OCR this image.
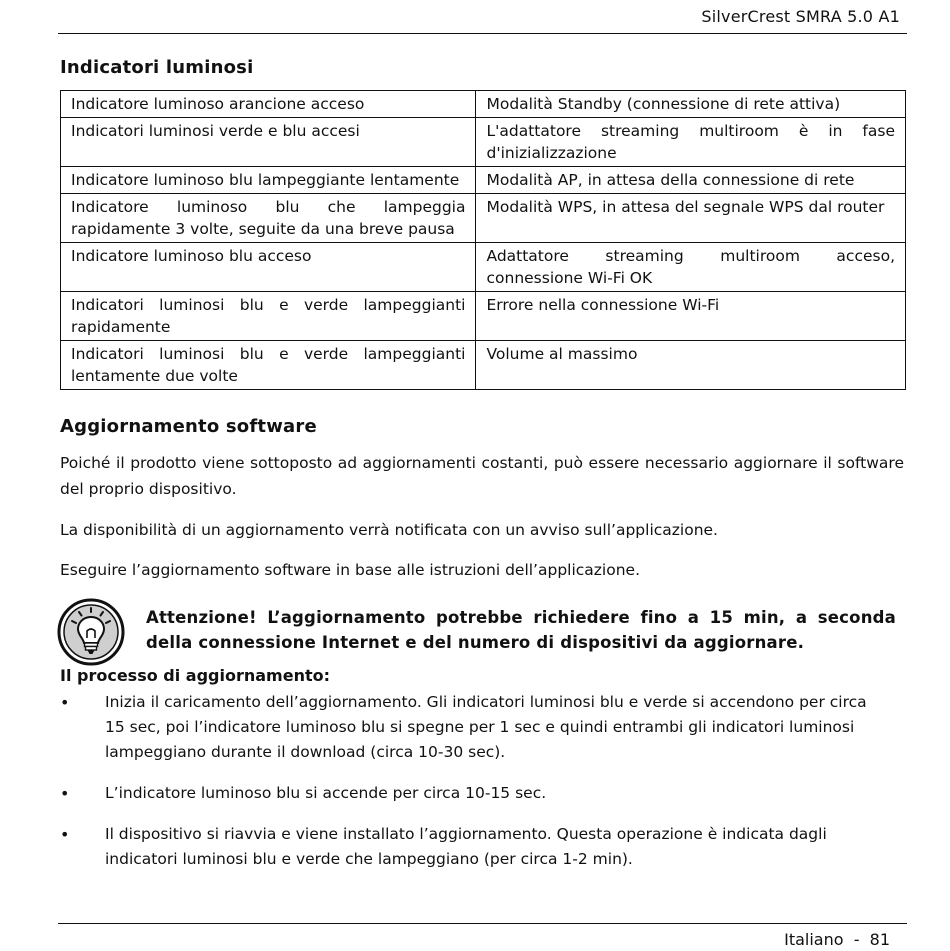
SilverCrest SMRA 5.0 A1
Indicatori luminosi
Indicatore luminoso arancione acceso	Modalità Standby (connessione di rete attiva)
Indicatori luminosi verde e blu accesi	L'adattatore streaming multiroom è in fase d'inizializzazione
Indicatore luminoso blu lampeggiante lentamente	Modalità AP, in attesa della connessione di rete
Indicatore luminoso blu che lampeggia rapidamente 3 volte, seguite da una breve pausa	Modalità WPS, in attesa del segnale WPS dal router
Indicatore luminoso blu acceso	Adattatore streaming multiroom acceso, connessione Wi-Fi OK
Indicatori luminosi blu e verde lampeggianti rapidamente	Errore nella connessione Wi-Fi
Indicatori luminosi blu e verde lampeggianti lentamente due volte	Volume al massimo
Aggiornamento software
Poiché il prodotto viene sottoposto ad aggiornamenti costanti, può essere necessario aggiornare il software del proprio dispositivo.
La disponibilità di un aggiornamento verrà notificata con un avviso sull’applicazione.
Eseguire l’aggiornamento software in base alle istruzioni dell’applicazione.
Attenzione! L’aggiornamento potrebbe richiedere fino a 15 min, a seconda della connessione Internet e del numero di dispositivi da aggiornare.
Il processo di aggiornamento:
• Inizia il caricamento dell’aggiornamento. Gli indicatori luminosi blu e verde si accendono per circa 15 sec, poi l’indicatore luminoso blu si spegne per 1 sec e quindi entrambi gli indicatori luminosi lampeggiano durante il download (circa 10-30 sec).
• L’indicatore luminoso blu si accende per circa 10-15 sec.
• Il dispositivo si riavvia e viene installato l’aggiornamento. Questa operazione è indicata dagli indicatori luminosi blu e verde che lampeggiano (per circa 1-2 min).
Italiano  -  81
